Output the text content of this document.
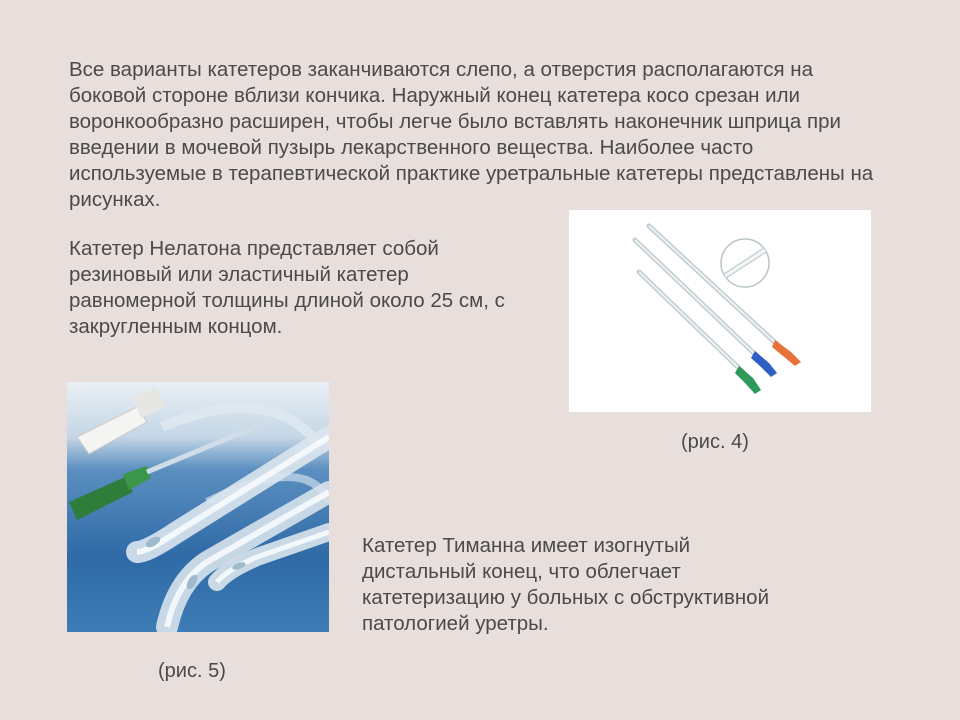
Все варианты катетеров заканчиваются слепо, а отверстия располагаются на боковой стороне вблизи кончика. Наружный конец катетера косо срезан или воронкообразно расширен, чтобы легче было вставлять наконечник шприца при введении в мочевой пузырь лекарственного вещества. Наиболее часто используемые в терапевтической практике уретральные катетеры представлены на рисунках.

Катетер Нелатона представляет собой резиновый или эластичный катетер равномерной толщины длиной около 25 см, с закругленным концом.

(рис. 4)
(рис. 5)

Катетер Тиманна имеет изогнутый дистальный конец, что облегчает катетеризацию у больных с обструктивной патологией уретры.
